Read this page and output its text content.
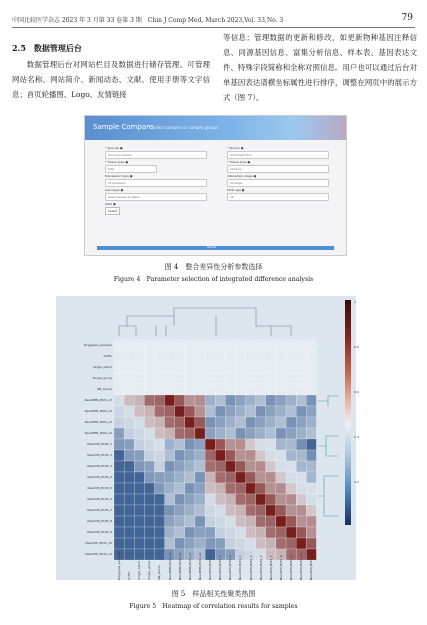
中国比较医学杂志 2023 年 3 月第 33 卷第 3 期　Chin J Comp Med, March 2023,Vol. 33,No. 3	79
2.5　数据管理后台

数据管理后台对网站栏目及数据进行储存管理。可管理网站名称、网站简介、新闻动态、文献、使用手册等文字信息；首页轮播图、Logo、友情链接

等信息；管理数据的更新和修改，如更新物种基因注释信息、同源基因信息、富集分析信息、样本表、基因表达文件、特殊字段简称和全称对照信息。用户也可以通过后台对单基因表达谱横坐标属性进行排序，调整在网页中的展示方式（图 7）。

Sample Compare
- Select samples or sample groups
* Species ●
Ovis aries (sheep)
* Tissue type ●
Fetal
Expression type ●
All expression
Genotype ●
Select Gene(s) by Name
Data ●
Select
* Strains ●
Small-tailed Han
* Tissue type ●
All tissue
Interaction stage ●
All stages
Fetal age ●
All
Submit
图 4　整合差异性分析参数选择
Figure 4　Parameter selection of integrated difference analysis
Doggyaid_samples
Doggyaid_samples
Suffix
Suffix
Single_batch
Single_batch
Single_group
Single_group
GB_Group
GB_Group
NearBHN_BOIS_s3
NearBHN_BOIS_s3
NearBHN_BOIS_s4
NearBHN_BOIS_s4
NearBHN_BOIS_s1
NearBHN_BOIS_s1
NearBHN_BOIS_s2
NearBHN_BOIS_s2
NearDHI_BOIS_1
NearDHI_BOIS_1
NearDHI_BOIS_2
NearDHI_BOIS_2
NearDHI_BOIS_3
NearDHI_BOIS_3
NearDHI_BOIS_4
NearDHI_BOIS_4
NearDHI_BOIS_5
NearDHI_BOIS_5
NearDHI_BOIS_6
NearDHI_BOIS_6
NearDHI_BOIS_7
NearDHI_BOIS_7
NearDHI_BOIS_8
NearDHI_BOIS_8
NearDHI_BOIS_9
NearDHI_BOIS_9
NearDHI_BOIS_10
NearDHI_BOIS_10
NearDHI_BOIS_11	NearDHI_BOIS_11
1
0.8
0.6
0.4
0.2
图 5　样品相关性聚类热图
Figure 5　Heatmap of correlation results for samples
